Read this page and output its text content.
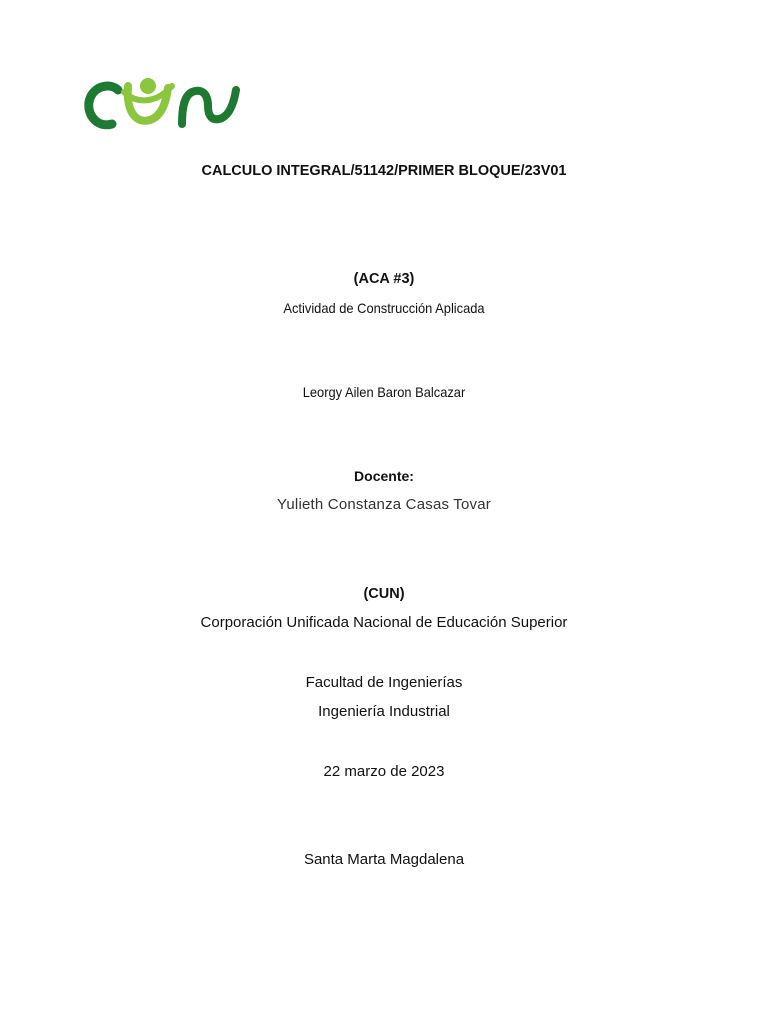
CALCULO INTEGRAL/51142/PRIMER BLOQUE/23V01
(ACA #3)
Actividad de Construcción Aplicada
Leorgy Ailen Baron Balcazar
Docente:
Yulieth Constanza Casas Tovar
(CUN)
Corporación Unificada Nacional de Educación Superior
Facultad de Ingenierías
Ingeniería Industrial
22 marzo de 2023
Santa Marta Magdalena
